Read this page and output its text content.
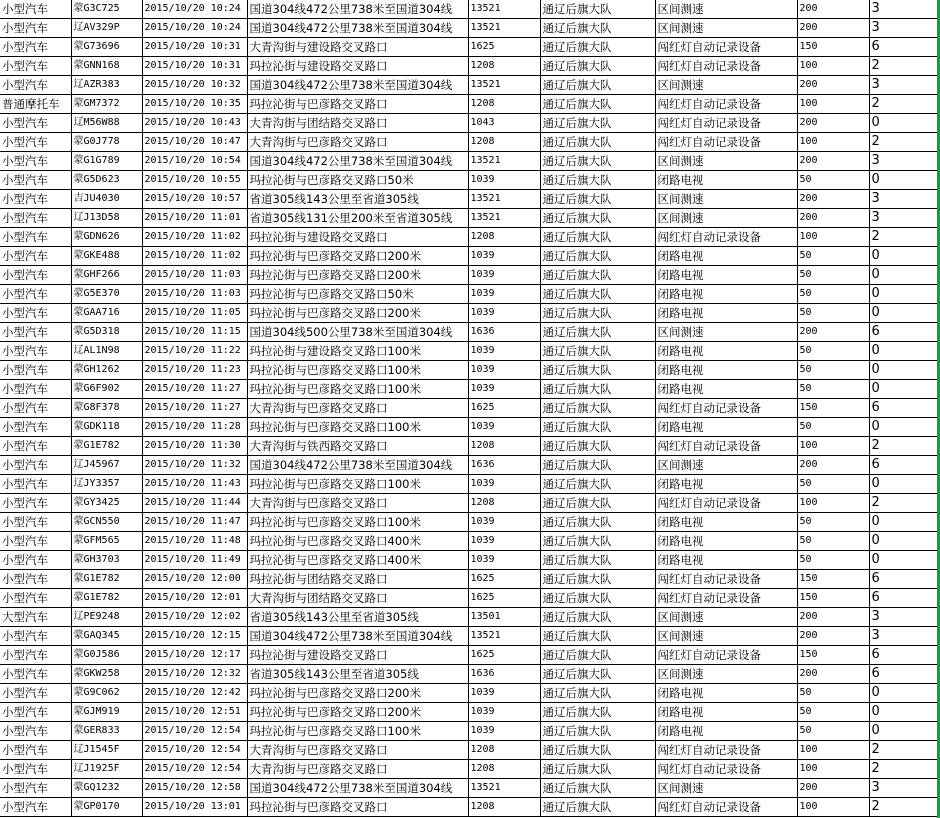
小型汽车	蒙G3C725	2015/10/20 10:24	国道304线472公里738米至国道304线	13521	通辽后旗大队	区间测速	200	3
小型汽车	辽AV329P	2015/10/20 10:24	国道304线472公里738米至国道304线	13521	通辽后旗大队	区间测速	200	3
小型汽车	蒙G73696	2015/10/20 10:31	大青沟街与建设路交叉路口	1625	通辽后旗大队	闯红灯自动记录设备	150	6
小型汽车	蒙GNN168	2015/10/20 10:31	玛拉沁街与建设路交叉路口	1208	通辽后旗大队	闯红灯自动记录设备	100	2
小型汽车	辽AZR383	2015/10/20 10:32	国道304线472公里738米至国道304线	13521	通辽后旗大队	区间测速	200	3
普通摩托车	蒙GM7372	2015/10/20 10:35	玛拉沁街与巴彦路交叉路口	1208	通辽后旗大队	闯红灯自动记录设备	100	2
小型汽车	辽M56W88	2015/10/20 10:43	大青沟街与团结路交叉路口	1043	通辽后旗大队	闯红灯自动记录设备	200	0
小型汽车	蒙G0J778	2015/10/20 10:47	大青沟街与巴彦路交叉路口	1208	通辽后旗大队	闯红灯自动记录设备	100	2
小型汽车	蒙G1G789	2015/10/20 10:54	国道304线472公里738米至国道304线	13521	通辽后旗大队	区间测速	200	3
小型汽车	蒙G5D623	2015/10/20 10:55	玛拉沁街与巴彦路交叉路口50米	1039	通辽后旗大队	闭路电视	50	0
小型汽车	吉JU4030	2015/10/20 10:57	省道305线143公里至省道305线	13521	通辽后旗大队	区间测速	200	3
小型汽车	辽J13D58	2015/10/20 11:01	省道305线131公里200米至省道305线	13521	通辽后旗大队	区间测速	200	3
小型汽车	蒙GDN626	2015/10/20 11:02	玛拉沁街与建设路交叉路口	1208	通辽后旗大队	闯红灯自动记录设备	100	2
小型汽车	蒙GKE488	2015/10/20 11:02	玛拉沁街与巴彦路交叉路口200米	1039	通辽后旗大队	闭路电视	50	0
小型汽车	蒙GHF266	2015/10/20 11:03	玛拉沁街与巴彦路交叉路口200米	1039	通辽后旗大队	闭路电视	50	0
小型汽车	蒙G5E370	2015/10/20 11:03	玛拉沁街与巴彦路交叉路口50米	1039	通辽后旗大队	闭路电视	50	0
小型汽车	蒙GAA716	2015/10/20 11:05	玛拉沁街与巴彦路交叉路口200米	1039	通辽后旗大队	闭路电视	50	0
小型汽车	蒙G5D318	2015/10/20 11:15	国道304线500公里738米至国道304线	1636	通辽后旗大队	区间测速	200	6
小型汽车	辽AL1N98	2015/10/20 11:22	玛拉沁街与建设路交叉路口100米	1039	通辽后旗大队	闭路电视	50	0
小型汽车	蒙GH1262	2015/10/20 11:23	玛拉沁街与巴彦路交叉路口100米	1039	通辽后旗大队	闭路电视	50	0
小型汽车	蒙G6F902	2015/10/20 11:27	玛拉沁街与巴彦路交叉路口100米	1039	通辽后旗大队	闭路电视	50	0
小型汽车	蒙G8F378	2015/10/20 11:27	大青沟街与巴彦路交叉路口	1625	通辽后旗大队	闯红灯自动记录设备	150	6
小型汽车	蒙GDK118	2015/10/20 11:28	玛拉沁街与巴彦路交叉路口100米	1039	通辽后旗大队	闭路电视	50	0
小型汽车	蒙G1E782	2015/10/20 11:30	大青沟街与铁西路交叉路口	1208	通辽后旗大队	闯红灯自动记录设备	100	2
小型汽车	辽J45967	2015/10/20 11:32	国道304线472公里738米至国道304线	1636	通辽后旗大队	区间测速	200	6
小型汽车	辽JY3357	2015/10/20 11:43	玛拉沁街与巴彦路交叉路口100米	1039	通辽后旗大队	闭路电视	50	0
小型汽车	蒙GY3425	2015/10/20 11:44	大青沟街与巴彦路交叉路口	1208	通辽后旗大队	闯红灯自动记录设备	100	2
小型汽车	蒙GCN550	2015/10/20 11:47	玛拉沁街与巴彦路交叉路口100米	1039	通辽后旗大队	闭路电视	50	0
小型汽车	蒙GFM565	2015/10/20 11:48	玛拉沁街与巴彦路交叉路口400米	1039	通辽后旗大队	闭路电视	50	0
小型汽车	蒙GH3703	2015/10/20 11:49	玛拉沁街与巴彦路交叉路口400米	1039	通辽后旗大队	闭路电视	50	0
小型汽车	蒙G1E782	2015/10/20 12:00	玛拉沁街与团结路交叉路口	1625	通辽后旗大队	闯红灯自动记录设备	150	6
小型汽车	蒙G1E782	2015/10/20 12:01	大青沟街与团结路交叉路口	1625	通辽后旗大队	闯红灯自动记录设备	150	6
大型汽车	辽PE9248	2015/10/20 12:02	省道305线143公里至省道305线	13501	通辽后旗大队	区间测速	200	3
小型汽车	蒙GAQ345	2015/10/20 12:15	国道304线472公里738米至国道304线	13521	通辽后旗大队	区间测速	200	3
小型汽车	蒙G0J586	2015/10/20 12:17	玛拉沁街与建设路交叉路口	1625	通辽后旗大队	闯红灯自动记录设备	150	6
小型汽车	蒙GKW258	2015/10/20 12:32	省道305线143公里至省道305线	1636	通辽后旗大队	区间测速	200	6
小型汽车	蒙G9C062	2015/10/20 12:42	玛拉沁街与巴彦路交叉路口200米	1039	通辽后旗大队	闭路电视	50	0
小型汽车	蒙GJM919	2015/10/20 12:51	玛拉沁街与巴彦路交叉路口200米	1039	通辽后旗大队	闭路电视	50	0
小型汽车	蒙GER833	2015/10/20 12:54	玛拉沁街与巴彦路交叉路口100米	1039	通辽后旗大队	闭路电视	50	0
小型汽车	辽J1545F	2015/10/20 12:54	大青沟街与巴彦路交叉路口	1208	通辽后旗大队	闯红灯自动记录设备	100	2
小型汽车	辽J1925F	2015/10/20 12:54	大青沟街与巴彦路交叉路口	1208	通辽后旗大队	闯红灯自动记录设备	100	2
小型汽车	蒙GQ1232	2015/10/20 12:58	国道304线472公里738米至国道304线	13521	通辽后旗大队	区间测速	200	3
小型汽车	蒙GP0170	2015/10/20 13:01	玛拉沁街与巴彦路交叉路口	1208	通辽后旗大队	闯红灯自动记录设备	100	2
